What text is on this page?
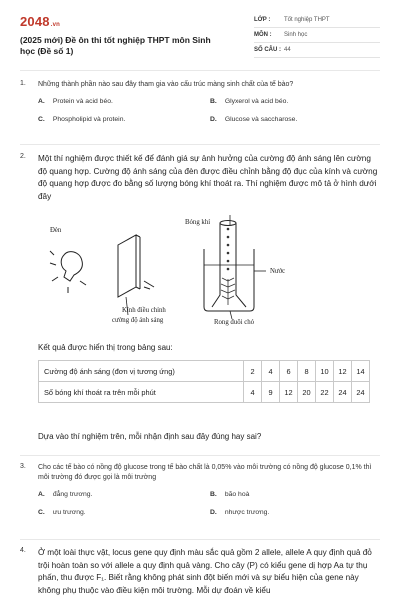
2048.vn
(2025 mới) Đề ôn thi tốt nghiệp THPT môn Sinh học (Đề số 1)
LỚP :	Tốt nghiệp THPT
MÔN :	Sinh học
SỐ CÂU : 44
1. Những thành phần nào sau đây tham gia vào cấu trúc màng sinh chất của tế bào?
A. Protein và acid béo.	B. Glyxerol và acid béo.
C. Phospholipid và protein.	D. Glucose và saccharose.
2. Một thí nghiệm được thiết kế để đánh giá sự ảnh hưởng của cường độ ánh sáng lên cường độ quang hợp. Cường độ ánh sáng của đèn được điều chỉnh bằng độ đục của kính và cường độ quang hợp được đo bằng số lượng bóng khí thoát ra. Thí nghiệm được mô tả ở hình dưới đây
Đèn
Bóng khí
Nước
Kính điều chỉnh
cường độ ánh sáng	Rong đuôi chó
Kết quả được hiển thị trong bảng sau:
Cường độ ánh sáng (đơn vị tương ứng)	2	4	6	8	10	12	14
Số bóng khí thoát ra trên mỗi phút	4	9	12	20	22	24	24
Dựa vào thí nghiệm trên, mỗi nhận định sau đây đúng hay sai?
3. Cho các tế bào có nồng độ glucose trong tế bào chất là 0,05% vào môi trường có nồng độ glucose 0,1% thì môi trường đó được gọi là môi trường
A. đẳng trương.	B. bão hoà
C. ưu trương.	D. nhược trương.
4. Ở một loài thực vật, locus gene quy định màu sắc quả gồm 2 allele, allele A quy định quả đỏ trội hoàn toàn so với allele a quy định quả vàng. Cho cây (P) có kiểu gene dị hợp Aa tự thụ phấn, thu được F₁. Biết rằng không phát sinh đột biến mới và sự biểu hiện của gene này không phụ thuộc vào điều kiện môi trường. Mỗi dự đoán về kiểu
